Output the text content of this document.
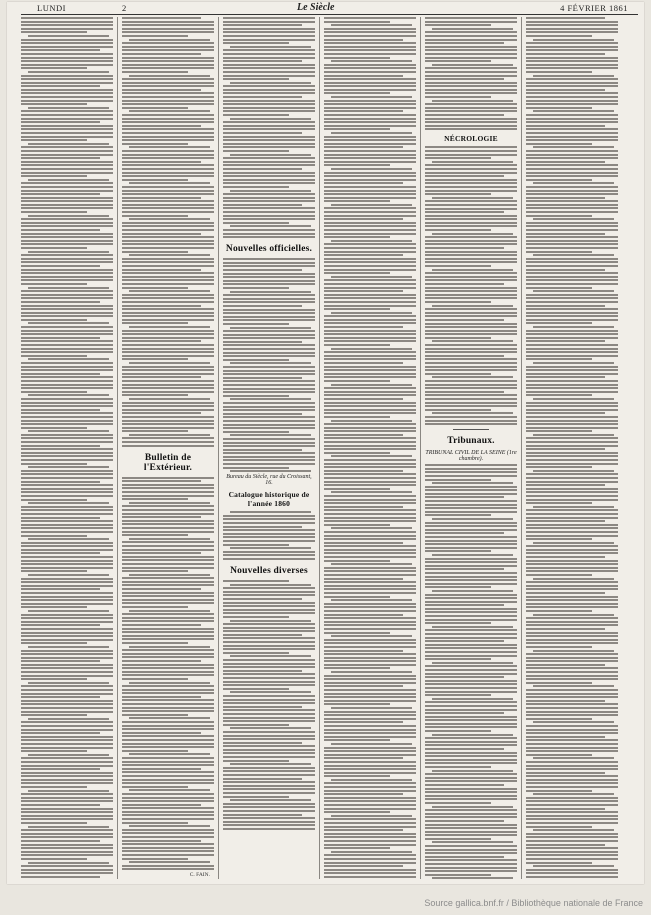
LUNDI	2	Le Siècle	4 FÉVRIER 1861
Bulletin de l'Extérieur.
C. FAIN.
Nouvelles officielles.
Bureau du Siècle, rue du Croissant, 16.
Catalogue historique de l'année 1860
Nouvelles diverses
NÉCROLOGIE
Tribunaux.
TRIBUNAL CIVIL DE LA SEINE (1re chambre).
Source gallica.bnf.fr / Bibliothèque nationale de France
